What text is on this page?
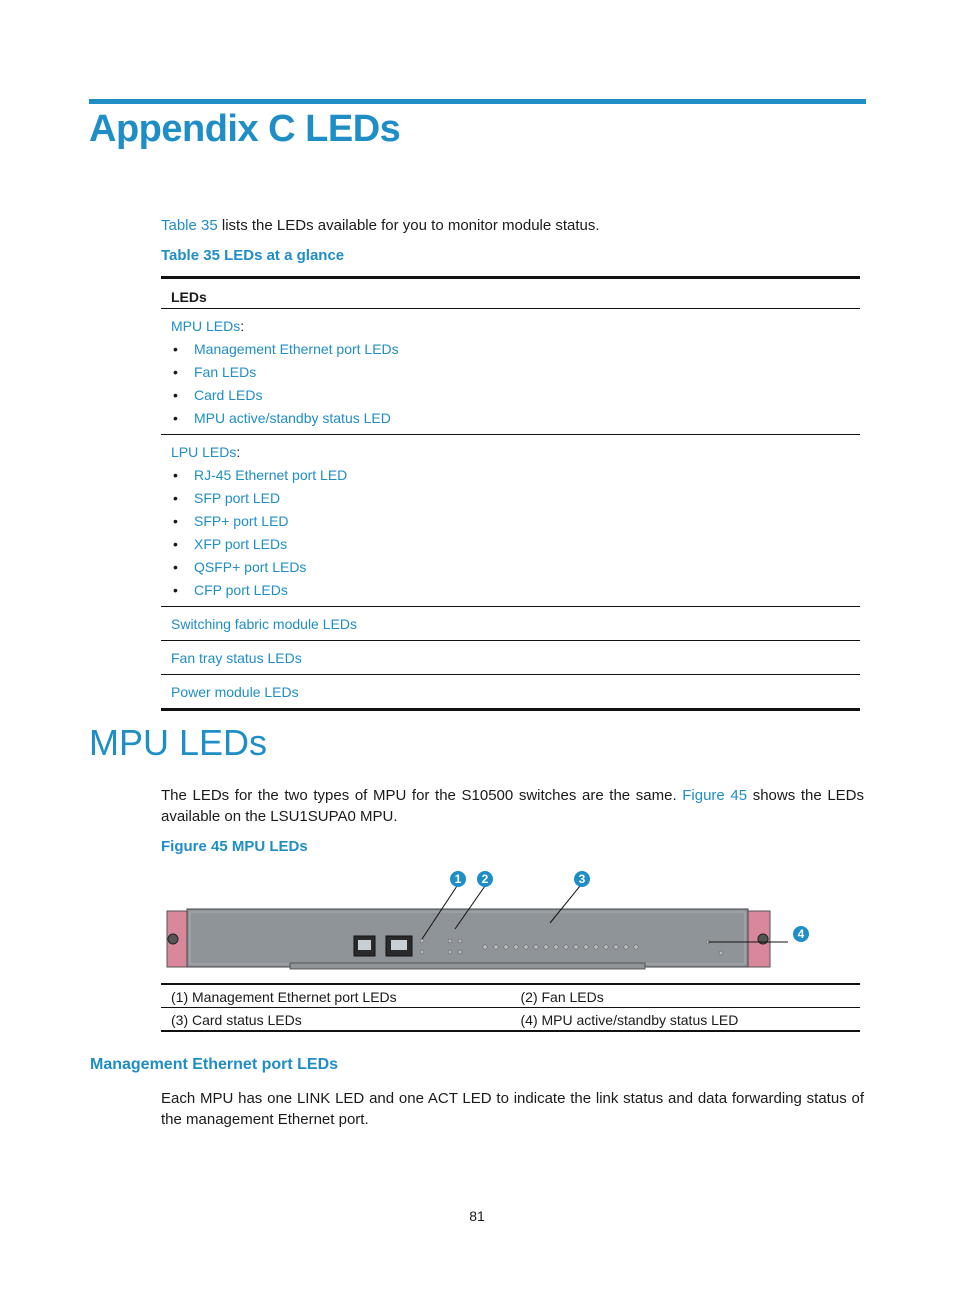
Appendix C LEDs
Table 35 lists the LEDs available for you to monitor module status.
Table 35 LEDs at a glance
LEDs

MPU LEDs:
• Management Ethernet port LEDs
• Fan LEDs
• Card LEDs
• MPU active/standby status LED

LPU LEDs:
• RJ-45 Ethernet port LED
• SFP port LED
• SFP+ port LED
• XFP port LEDs
• QSFP+ port LEDs
• CFP port LEDs

Switching fabric module LEDs
Fan tray status LEDs
Power module LEDs
MPU LEDs
The LEDs for the two types of MPU for the S10500 switches are the same. Figure 45 shows the LEDs available on the LSU1SUPA0 MPU.
Figure 45 MPU LEDs
1 2	3
4
(1) Management Ethernet port LEDs	(2) Fan LEDs
(3) Card status LEDs	(4) MPU active/standby status LED
Management Ethernet port LEDs
Each MPU has one LINK LED and one ACT LED to indicate the link status and data forwarding status of the management Ethernet port.
81
